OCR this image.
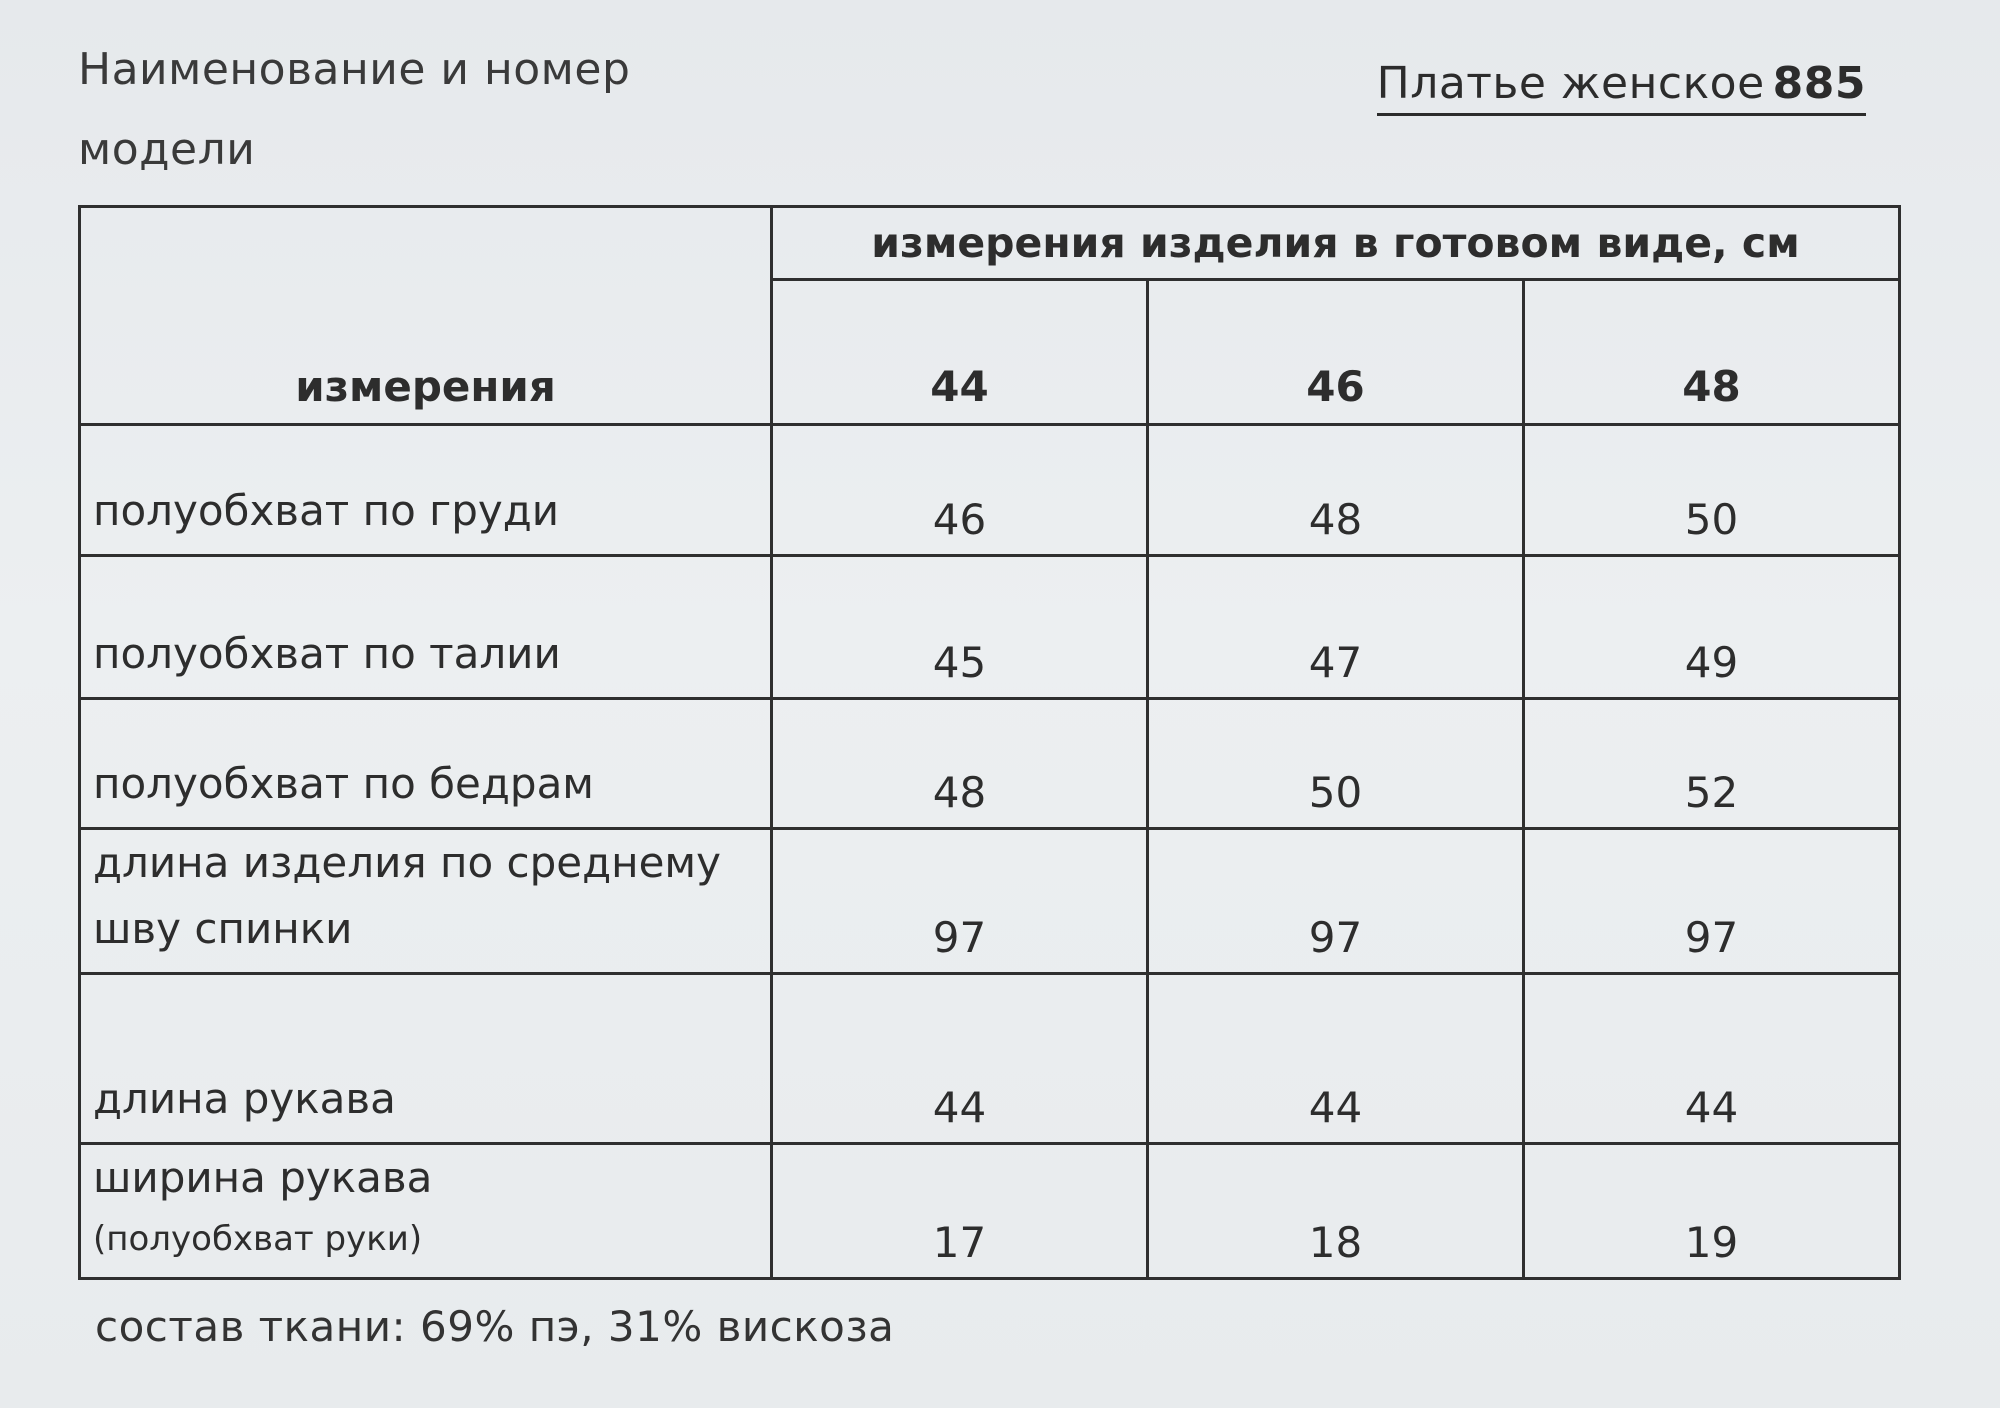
Наименование и номер
модели
Платье женское 885
измерения	измерения изделия в готовом виде, см		
	44	46	48
полуобхват по груди	46	48	50
полуобхват по талии	45	47	49
полуобхват по бедрам	48	50	52

длина изделия по среднему
шву спинки	97	97	97
длина рукава	44	44	44

ширина рукава
(полуобхват руки)	17	18	19
состав ткани: 69% пэ, 31% вискоза
